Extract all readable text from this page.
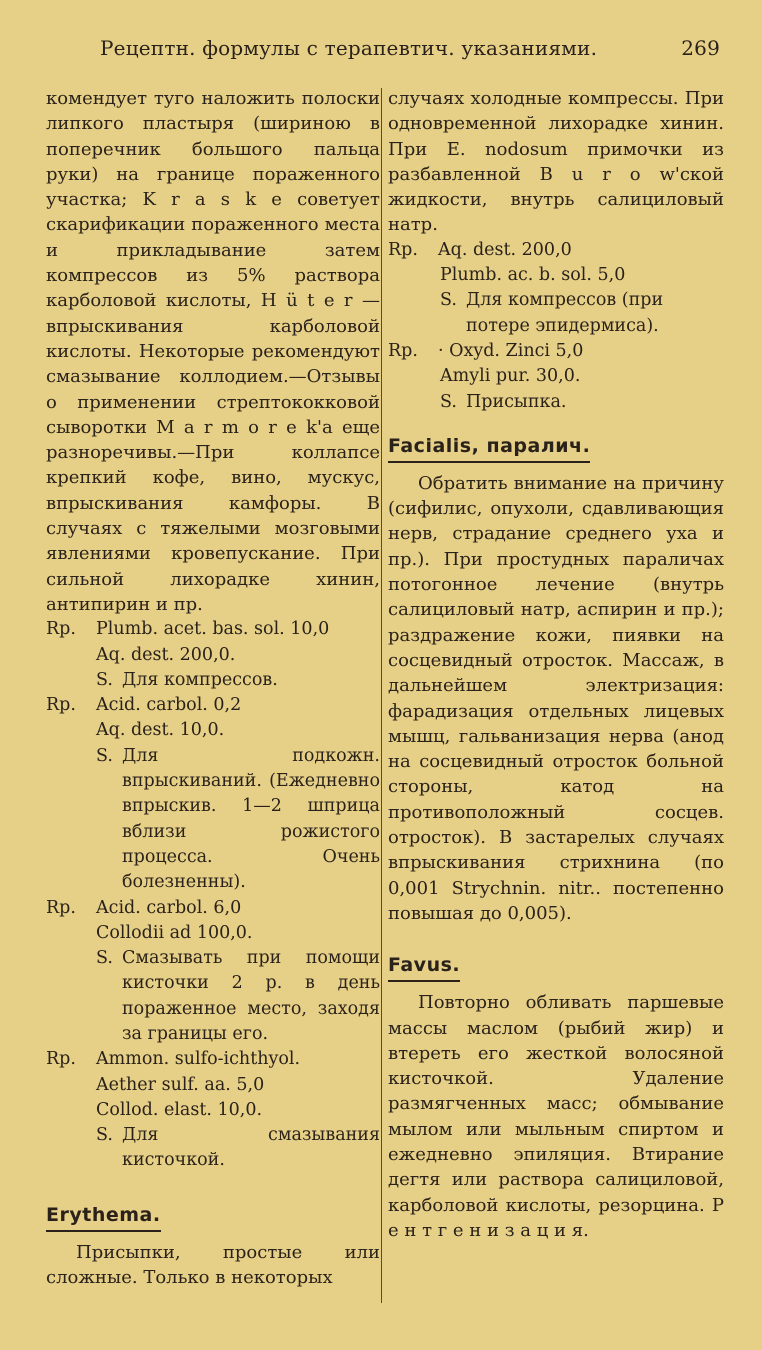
Рецептн. формулы с терапевтич. указаниями.	269

комендует туго наложить полоски липкого пластыря (шириною в поперечник большого пальца руки) на границе пораженного участка; K r a s k e советует скарификации пораженного места и прикладывание затем компрессов из 5% раствора карболовой кислоты, H ü t e r — впрыскивания карболовой кислоты. Некоторые рекомендуют смазывание коллодием.—Отзывы о применении стрептококковой сыворотки M a r m o r e k'a еще разноречивы.—При коллапсе крепкий кофе, вино, мускус, впрыскивания камфоры. В случаях с тяжелыми мозговыми явлениями кровепускание. При сильной лихорадке хинин, антипирин и пр.

Rp.	Plumb. acet. bas. sol. 10,0
Aq. dest. 200,0.
S. Для компрессов.
Rp.	Acid. carbol. 0,2
Aq. dest. 10,0.
S. Для подкожн. впрыскиваний. (Ежедневно впрыскив. 1—2 шприца вблизи рожистого процесса. Очень болезненны).
Rp.	Acid. carbol. 6,0
Collodii ad 100,0.
S. Смазывать при помощи кисточки 2 р. в день пораженное место, заходя за границы его.
Rp.	Ammon. sulfo-ichthyol.
Aether sulf. aa. 5,0
Collod. elast. 10,0.
S. Для смазывания кисточкой.

Erythema.

Присыпки, простые или сложные. Только в некоторых

случаях холодные компрессы. При одновременной лихорадке хинин. При E. nodosum примочки из разбавленной B u r o w'ской жидкости, внутрь салициловый натр.

Rp.	Aq. dest. 200,0
Plumb. ac. b. sol. 5,0
S. Для компрессов (при потере эпидермиса).
Rp.	· Oxyd. Zinci 5,0
Amyli pur. 30,0.
S. Присыпка.

Facialis, паралич.

Обратить внимание на причину (сифилис, опухоли, сдавливающия нерв, страдание среднего уха и пр.). При простудных параличах потогонное лечение (внутрь салициловый натр, аспирин и пр.); раздражение кожи, пиявки на сосцевидный отросток. Массаж, в дальнейшем электризация: фарадизация отдельных лицевых мышц, гальванизация нерва (анод на сосцевидный отросток больной стороны, катод на противоположный сосцев. отросток). В застарелых случаях впрыскивания стрихнина (по 0,001 Strychnin. nitr.. постепенно повышая до 0,005).

Favus.

Повторно обливать паршевые массы маслом (рыбий жир) и втереть его жесткой волосяной кисточкой. Удаление размягченных масс; обмывание мылом или мыльным спиртом и ежедневно эпиляция. Втирание дегтя или раствора салициловой, карболовой кислоты, резорцина. Р е н т г е н и з а ц и я.
